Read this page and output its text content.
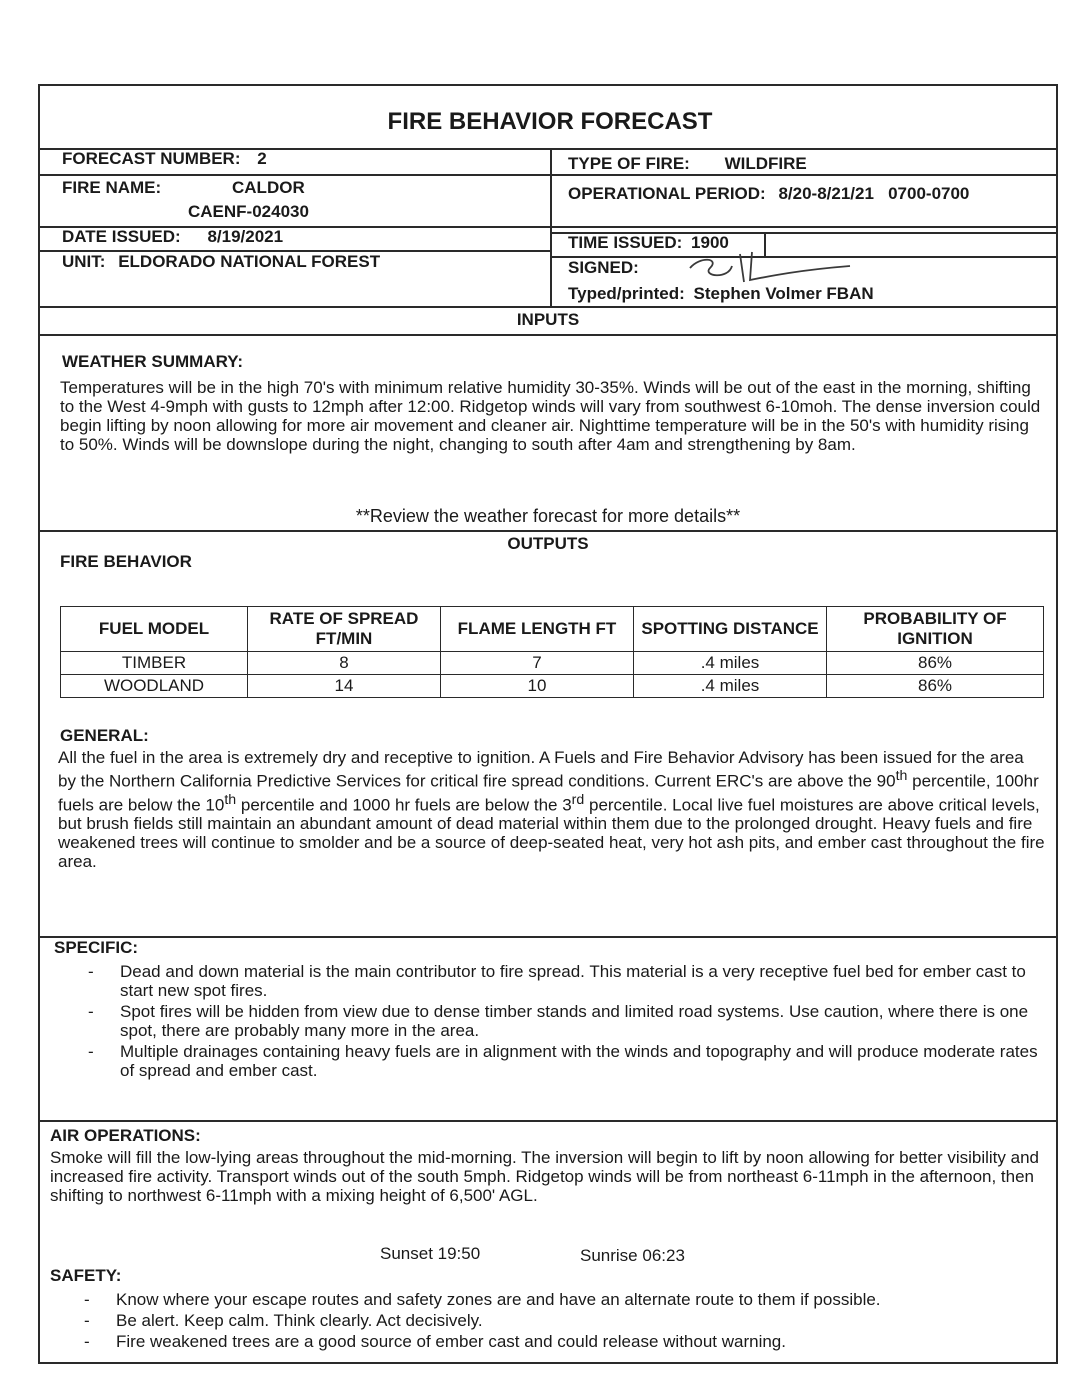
FIRE BEHAVIOR FORECAST
FORECAST NUMBER: 2	TYPE OF FIRE: WILDFIRE
FIRE NAME:	CALDOR
CAENF-024030
OPERATIONAL PERIOD: 8/20-8/21/21   0700-0700
DATE ISSUED: 8/19/2021	TIME ISSUED: 1900
UNIT: ELDORADO NATIONAL FOREST	SIGNED:
Typed/printed: Stephen Volmer FBAN
INPUTS
WEATHER SUMMARY:
Temperatures will be in the high 70's with minimum relative humidity 30-35%. Winds will be out of the east in the morning, shifting to the West 4-9mph with gusts to 12mph after 12:00. Ridgetop winds will vary from southwest 6-10moh. The dense inversion could begin lifting by noon allowing for more air movement and cleaner air. Nighttime temperature will be in the 50's with humidity rising to 50%. Winds will be downslope during the night, changing to south after 4am and strengthening by 8am.
**Review the weather forecast for more details**
OUTPUTS
FIRE BEHAVIOR
FUEL MODEL	RATE OF SPREAD FT/MIN	FLAME LENGTH FT	SPOTTING DISTANCE	PROBABILITY OF IGNITION
TIMBER	8	7	.4 miles	86%
WOODLAND	14	10	.4 miles	86%
GENERAL:
All the fuel in the area is extremely dry and receptive to ignition. A Fuels and Fire Behavior Advisory has been issued for the area by the Northern California Predictive Services for critical fire spread conditions. Current ERC's are above the 90th percentile, 100hr fuels are below the 10th percentile and 1000 hr fuels are below the 3rd percentile. Local live fuel moistures are above critical levels, but brush fields still maintain an abundant amount of dead material within them due to the prolonged drought. Heavy fuels and fire weakened trees will continue to smolder and be a source of deep-seated heat, very hot ash pits, and ember cast throughout the fire area.
SPECIFIC:
- Dead and down material is the main contributor to fire spread. This material is a very receptive fuel bed for ember cast to start new spot fires.
- Spot fires will be hidden from view due to dense timber stands and limited road systems. Use caution, where there is one spot, there are probably many more in the area.
- Multiple drainages containing heavy fuels are in alignment with the winds and topography and will produce moderate rates of spread and ember cast.
AIR OPERATIONS:
Smoke will fill the low-lying areas throughout the mid-morning. The inversion will begin to lift by noon allowing for better visibility and increased fire activity. Transport winds out of the south 5mph. Ridgetop winds will be from northeast 6-11mph in the afternoon, then shifting to northwest 6-11mph with a mixing height of 6,500' AGL.
Sunset 19:50	Sunrise 06:23
SAFETY:
- Know where your escape routes and safety zones are and have an alternate route to them if possible.
- Be alert. Keep calm. Think clearly. Act decisively.
- Fire weakened trees are a good source of ember cast and could release without warning.
